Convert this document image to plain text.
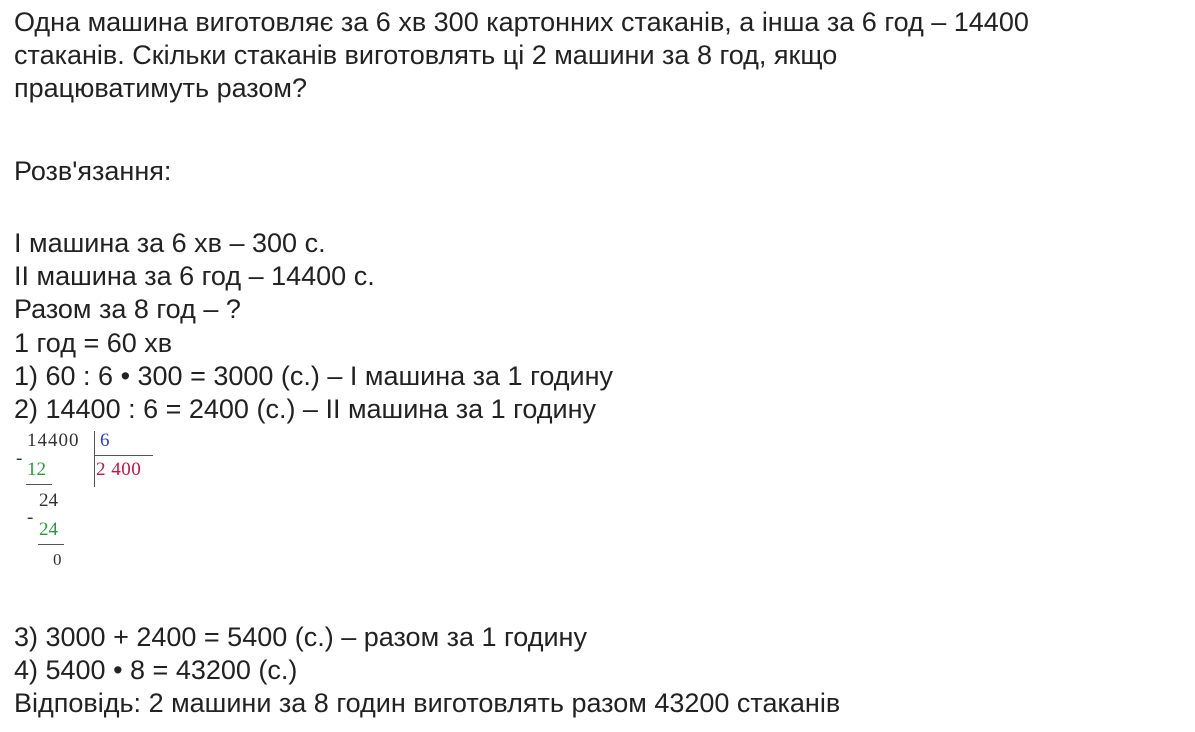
Одна машина виготовляє за 6 хв 300 картонних стаканів, а інша за 6 год – 14400

стаканів. Скільки стаканів виготовлять ці 2 машини за 8 год, якщо

працюватимуть разом?

Розв'язання:

І машина за 6 хв – 300 с.

ІІ машина за 6 год – 14400 с.

Разом за 8 год – ?

1 год = 60 хв

1) 60 : 6 • 300 = 3000 (с.) – І машина за 1 годину

2) 14400 : 6 = 2400 (с.) – ІІ машина за 1 годину

14400 6
2 400
-
12
24
-
24
0

3) 3000 + 2400 = 5400 (с.) – разом за 1 годину

4) 5400 • 8 = 43200 (с.)

Відповідь: 2 машини за 8 годин виготовлять разом 43200 стаканів
